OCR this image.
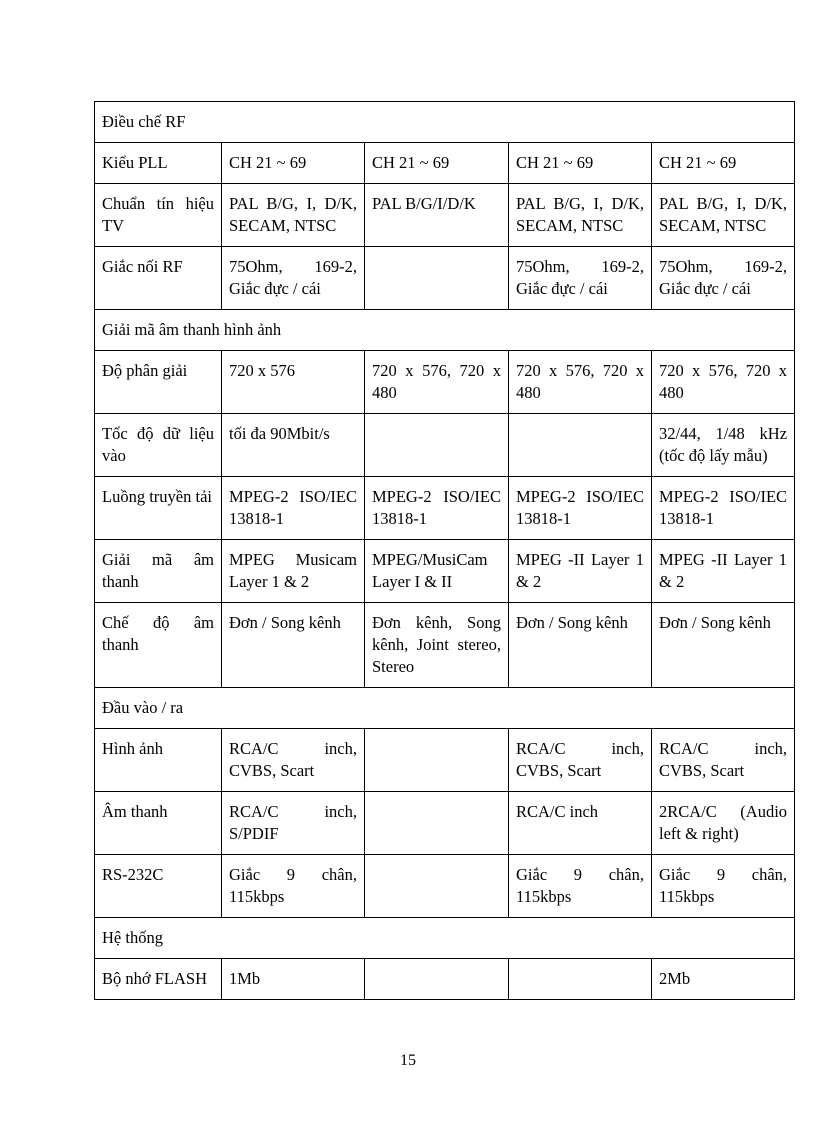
Điều chế RF				
Kiểu PLL	CH 21 ~ 69	CH 21 ~ 69	CH 21 ~ 69	CH 21 ~ 69
Chuẩn tín hiệu TV	PAL B/G, I, D/K, SECAM, NTSC	PAL B/G/I/D/K	PAL B/G, I, D/K, SECAM, NTSC	PAL B/G, I, D/K, SECAM, NTSC
Giắc nối RF	75Ohm, 169-2, Giắc đực / cái		75Ohm, 169-2, Giắc đực / cái	75Ohm, 169-2, Giắc đực / cái
Giải mã âm thanh hình ảnh				
Độ phân giải	720 x 576	720 x 576, 720 x 480	720 x 576, 720 x 480	720 x 576, 720 x 480
Tốc độ dữ liệu vào	tối đa 90Mbit/s			32/44, 1/48 kHz (tốc độ lấy mẫu)
Luồng truyền tải	MPEG-2 ISO/IEC 13818-1	MPEG-2 ISO/IEC 13818-1	MPEG-2 ISO/IEC 13818-1	MPEG-2 ISO/IEC 13818-1
Giải mã âm thanh	MPEG Musicam Layer 1 & 2	MPEG/MusiCam Layer I & II	MPEG -II Layer 1 & 2	MPEG -II Layer 1 & 2
Chế độ âm thanh	Đơn / Song kênh	Đơn kênh, Song kênh, Joint stereo, Stereo	Đơn / Song kênh	Đơn / Song kênh
Đầu vào / ra				
Hình ảnh	RCA/C inch, CVBS, Scart		RCA/C inch, CVBS, Scart	RCA/C inch, CVBS, Scart
Âm thanh	RCA/C inch, S/PDIF		RCA/C inch	2RCA/C (Audio left & right)
RS-232C	Giắc 9 chân, 115kbps		Giắc 9 chân, 115kbps	Giắc 9 chân, 115kbps
Hệ thống				
Bộ nhớ FLASH	1Mb			2Mb
15
